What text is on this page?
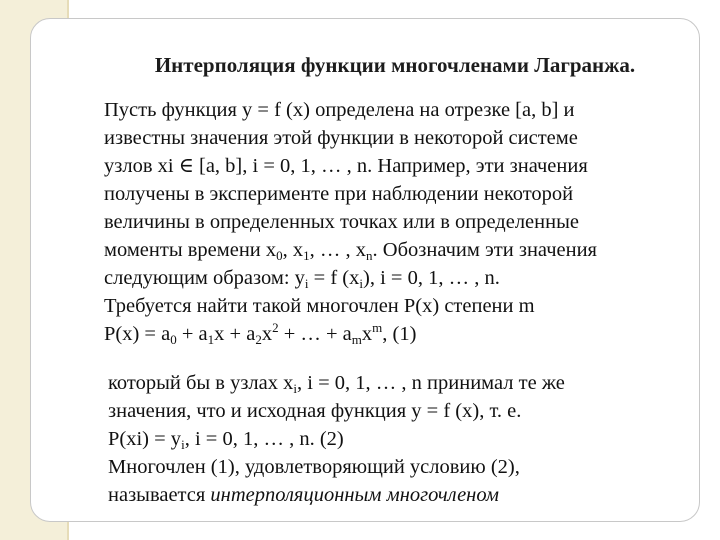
Интерполяция функции многочленами Лагранжа.
Пусть функция y = f (x) определена на отрезке [a, b] и
известны значения этой функции в некоторой системе
узлов xi ∈ [a, b], i = 0, 1, … , n. Например, эти значения
получены в эксперименте при наблюдении некоторой
величины в определенных точках или в определенные
моменты времени $x_0$, $x_1$, … , $x_n$. Обозначим эти значения
следующим образом: $y_i = f$ $(x_i)$, i = 0, 1, … , n.
Требуется найти такой многочлен P(x) степени m
$P(x) = a_0 + a_1x + a_2x^2$ + … + $a_mx^m$, (1)
который бы в узлах $x_i$, i = 0, 1, … , n принимал те же
значения, что и исходная функция y = f (x), т. е.
$P(xi) = y_i$, i = 0, 1, … , n. (2)
Многочлен (1), удовлетворяющий условию (2),
называется интерполяционным многочленом
